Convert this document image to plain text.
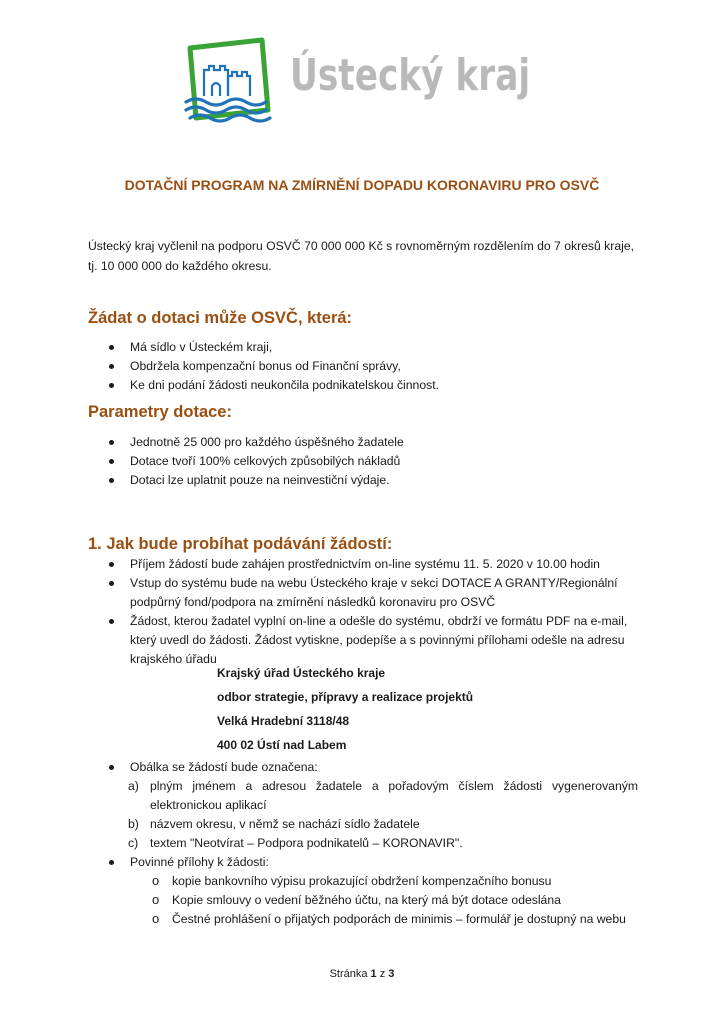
Ústecký kraj
DOTAČNÍ PROGRAM NA ZMÍRNĚNÍ DOPADU KORONAVIRU PRO OSVČ
Ústecký kraj vyčlenil na podporu OSVČ 70 000 000 Kč s rovnoměrným rozdělením do 7 okresů kraje,
tj. 10 000 000 do každého okresu.
Žádat o dotaci může OSVČ, která:
Má sídlo v Ústeckém kraji,
Obdržela kompenzační bonus od Finanční správy,
Ke dni podání žádosti neukončila podnikatelskou činnost.
Parametry dotace:
Jednotně 25 000 pro každého úspěšného žadatele
Dotace tvoří 100% celkových způsobilých nákladů
Dotaci lze uplatnit pouze na neinvestiční výdaje.
1. Jak bude probíhat podávání žádostí:
Příjem žádostí bude zahájen prostřednictvím on-line systému 11. 5. 2020 v 10.00 hodin
Vstup do systému bude na webu Ústeckého kraje v sekci DOTACE A GRANTY/Regionální
podpůrný fond/podpora na zmírnění následků koronaviru pro OSVČ
Žádost, kterou žadatel vyplní on-line a odešle do systému, obdrží ve formátu PDF na e-mail,
který uvedl do žádosti. Žádost vytiskne, podepíše a s povinnými přílohami odešle na adresu
krajského úřadu
Krajský úřad Ústeckého kraje
odbor strategie, přípravy a realizace projektů
Velká Hradební 3118/48
400 02 Ústí nad Labem
Obálka se žádostí bude označena:
a) plným jménem a adresou žadatele a pořadovým číslem žádosti vygenerovaným
elektronickou aplikací
b) názvem okresu, v němž se nachází sídlo žadatele
c) textem "Neotvírat – Podpora podnikatelů – KORONAVIR".
Povinné přílohy k žádosti:
o kopie bankovního výpisu prokazující obdržení kompenzačního bonusu
o Kopie smlouvy o vedení běžného účtu, na který má být dotace odeslána
o Čestné prohlášení o přijatých podporách de minimis – formulář je dostupný na webu
Stránka 1 z 3
